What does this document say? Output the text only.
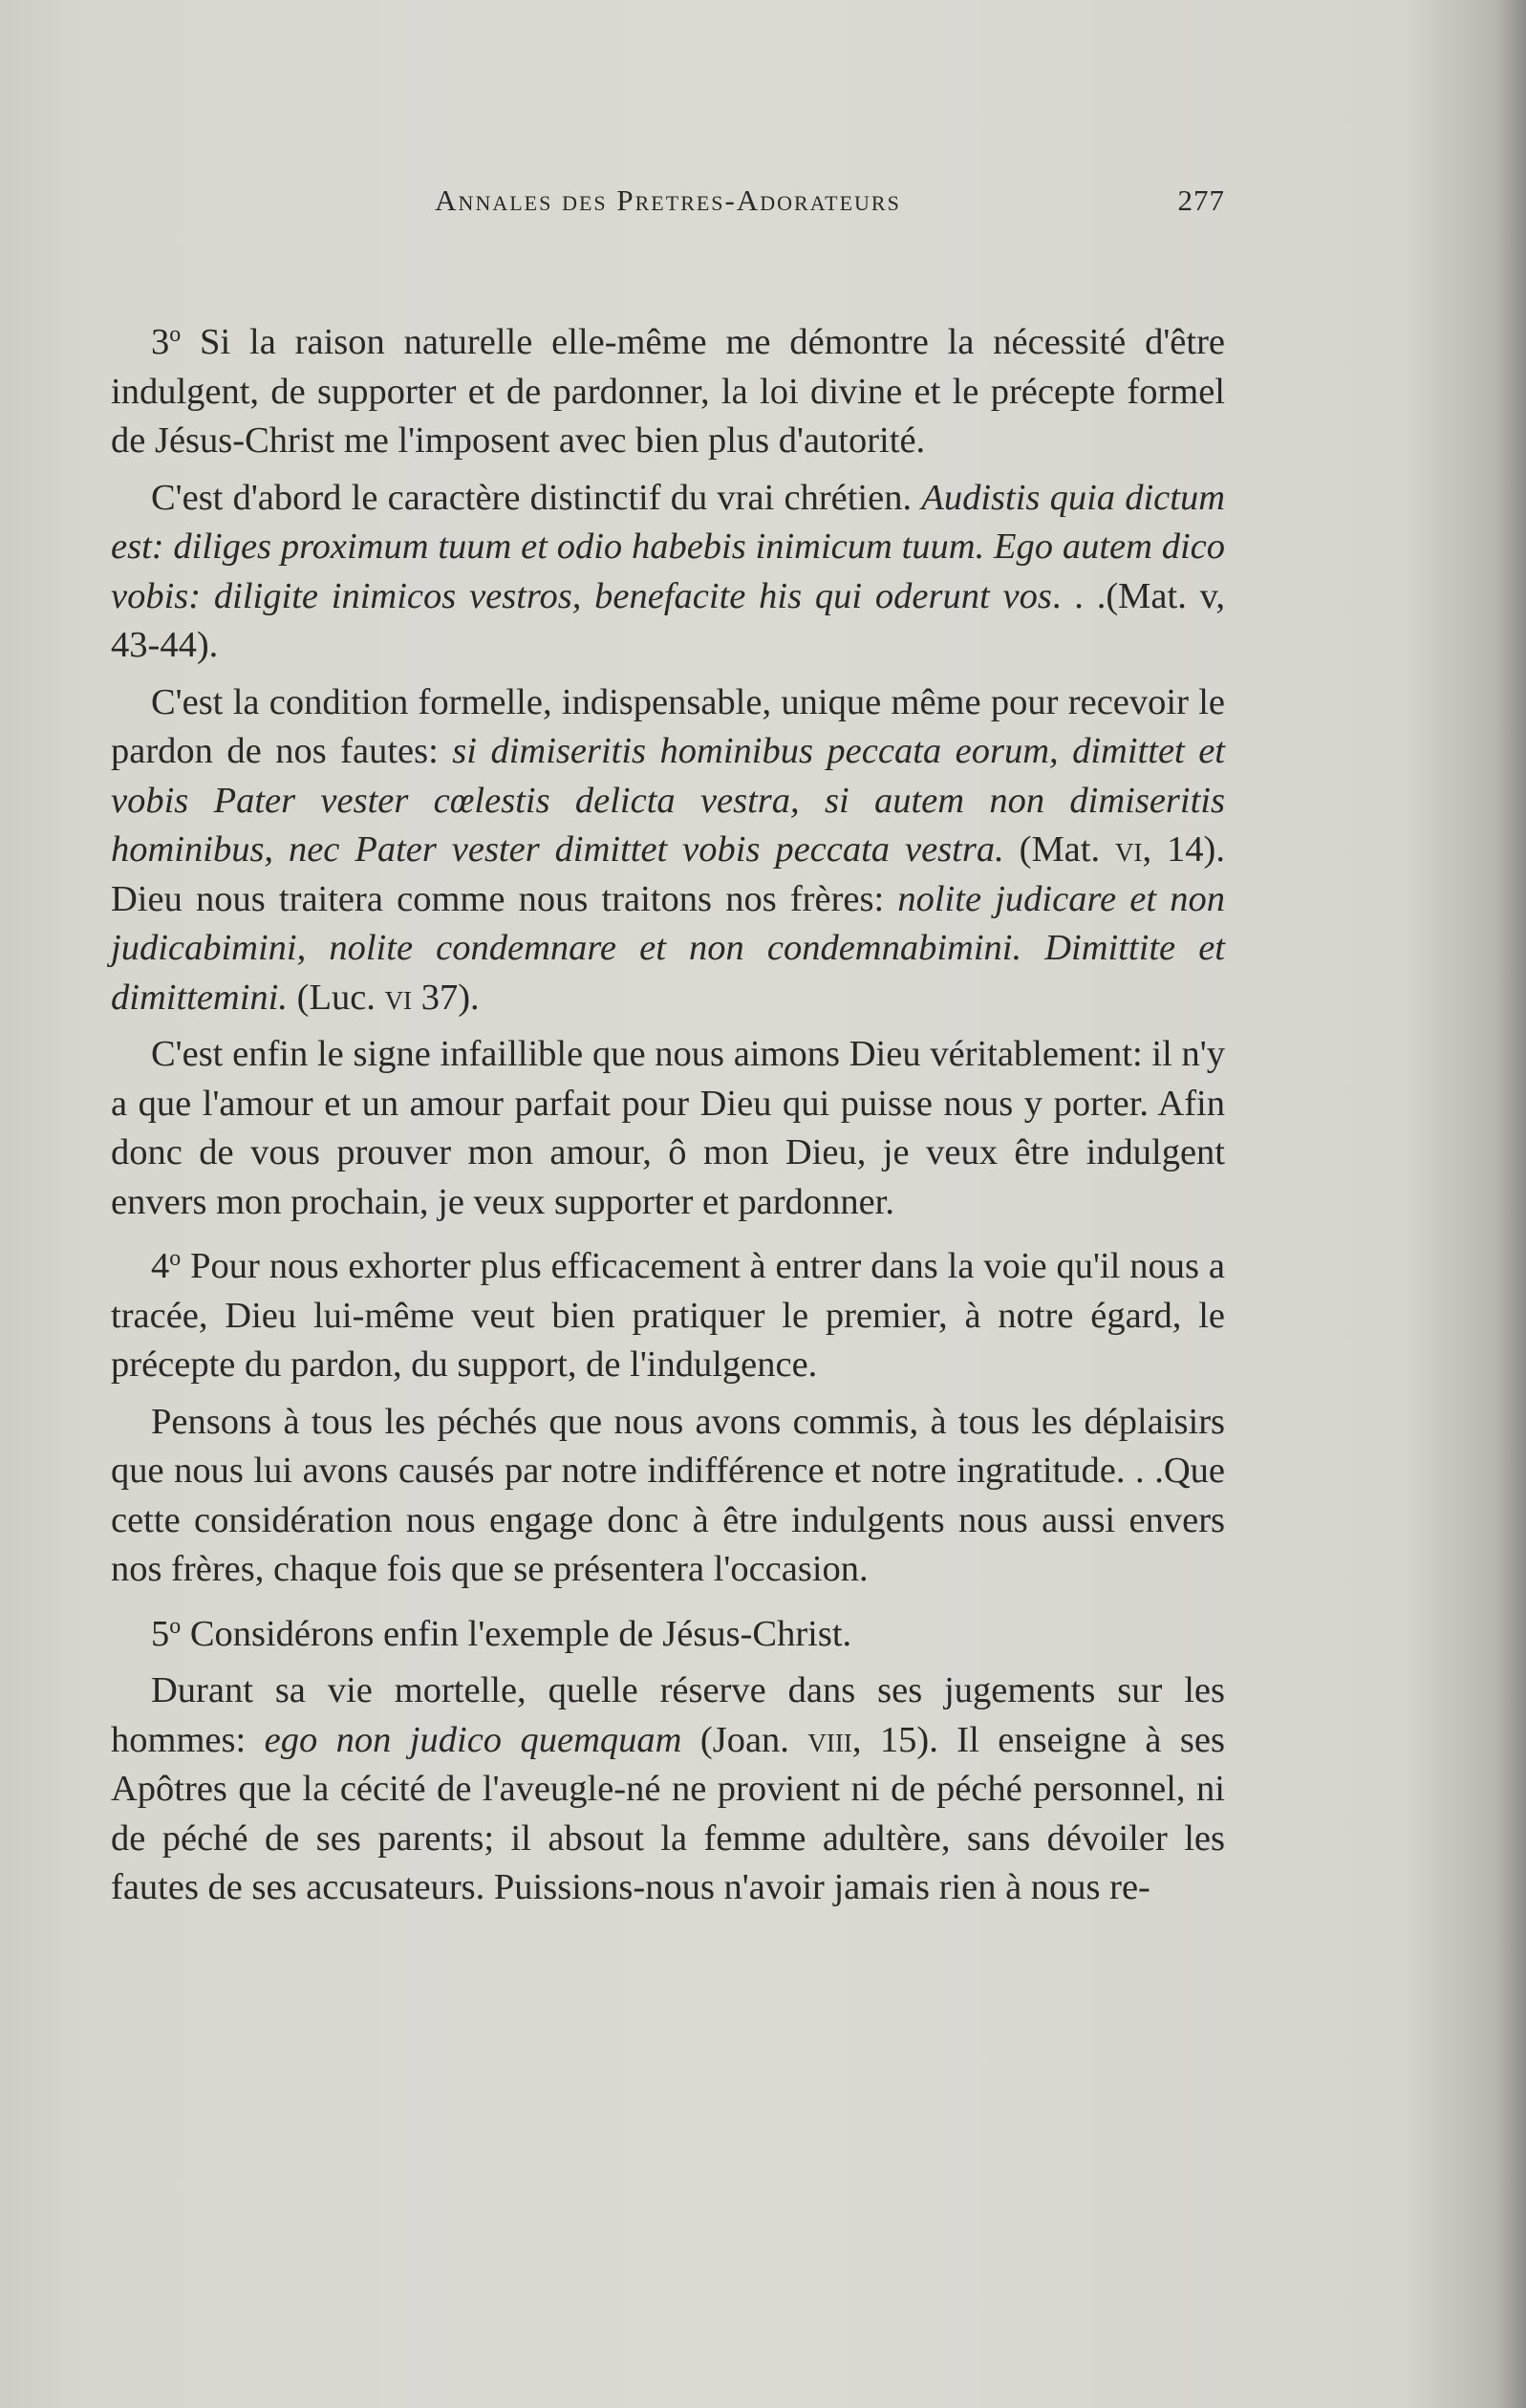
Annales des Pretres-Adorateurs	277

3$^o$ Si la raison naturelle elle-même me démontre la nécessité d'être indulgent, de supporter et de pardonner, la loi divine et le précepte formel de Jésus-Christ me l'imposent avec bien plus d'autorité.

C'est d'abord le caractère distinctif du vrai chrétien. Audistis quia dictum est: diliges proximum tuum et odio habebis inimicum tuum. Ego autem dico vobis: diligite inimicos vestros, benefacite his qui oderunt vos. . .(Mat. v, 43-44).

C'est la condition formelle, indispensable, unique même pour recevoir le pardon de nos fautes: si dimiseritis hominibus peccata eorum, dimittet et vobis Pater vester cœlestis delicta vestra, si autem non dimiseritis hominibus, nec Pater vester dimittet vobis peccata vestra. (Mat. vi, 14). Dieu nous traitera comme nous traitons nos frères: nolite judicare et non judicabimini, nolite condemnare et non condemnabimini. Dimittite et dimittemini. (Luc. vi 37).

C'est enfin le signe infaillible que nous aimons Dieu véritablement: il n'y a que l'amour et un amour parfait pour Dieu qui puisse nous y porter. Afin donc de vous prouver mon amour, ô mon Dieu, je veux être indulgent envers mon prochain, je veux supporter et pardonner.

4$^o$ Pour nous exhorter plus efficacement à entrer dans la voie qu'il nous a tracée, Dieu lui-même veut bien pratiquer le premier, à notre égard, le précepte du pardon, du support, de l'indulgence.

Pensons à tous les péchés que nous avons commis, à tous les déplaisirs que nous lui avons causés par notre indifférence et notre ingratitude. . .Que cette considération nous engage donc à être indulgents nous aussi envers nos frères, chaque fois que se présentera l'occasion.

5$^o$ Considérons enfin l'exemple de Jésus-Christ.

Durant sa vie mortelle, quelle réserve dans ses jugements sur les hommes: ego non judico quemquam (Joan. viii, 15). Il enseigne à ses Apôtres que la cécité de l'aveugle-né ne provient ni de péché personnel, ni de péché de ses parents; il absout la femme adultère, sans dévoiler les fautes de ses accusateurs. Puissions-nous n'avoir jamais rien à nous re-
